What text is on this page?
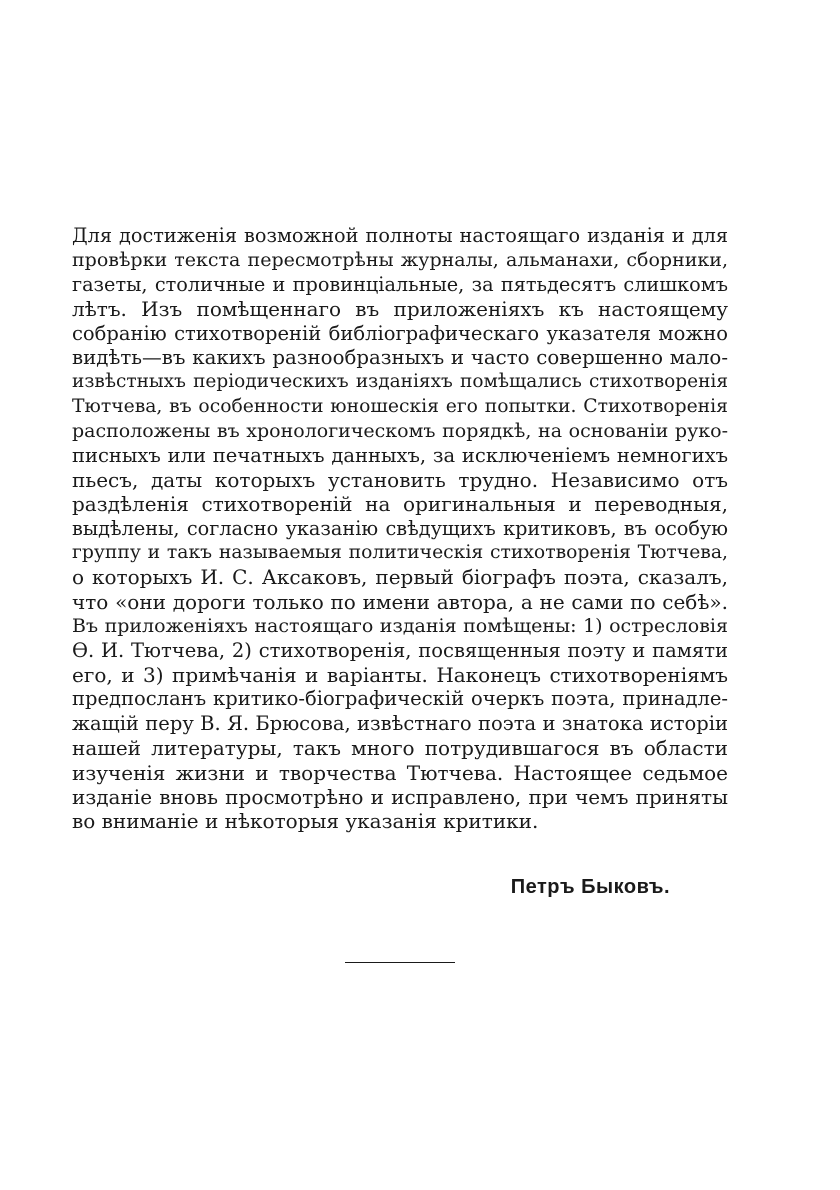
Для достиженія возможной полноты настоящаго изданія и для
провѣрки текста пересмотрѣны журналы, альманахи, сборники,
газеты, столичные и провинціальные, за пятьдесятъ слишкомъ
лѣтъ. Изъ помѣщеннаго въ приложеніяхъ къ настоящему
собранію стихотвореній библіографическаго указателя можно
видѣть—въ какихъ разнообразныхъ и часто совершенно мало-
извѣстныхъ періодическихъ изданіяхъ помѣщались стихотворенія
Тютчева, въ особенности юношескія его попытки. Стихотворенія
расположены въ хронологическомъ порядкѣ, на основаніи руко-
писныхъ или печатныхъ данныхъ, за исключеніемъ немногихъ
пьесъ, даты которыхъ установить трудно. Независимо отъ
раздѣленія стихотвореній на оригинальныя и переводныя,
выдѣлены, согласно указанію свѣдущихъ критиковъ, въ особую
группу и такъ называемыя политическія стихотворенія Тютчева,
о которыхъ И. С. Аксаковъ, первый біографъ поэта, сказалъ,
что «они дороги только по имени автора, а не сами по себѣ».
Въ приложеніяхъ настоящаго изданія помѣщены: 1) остресловія
Ѳ. И. Тютчева, 2) стихотворенія, посвященныя поэту и памяти
его, и 3) примѣчанія и варіанты. Наконецъ стихотвореніямъ
предпосланъ критико-біографическій очеркъ поэта, принадле-
жащій перу В. Я. Брюсова, извѣстнаго поэта и знатока исторіи
нашей литературы, такъ много потрудившагося въ области
изученія жизни и творчества Тютчева. Настоящее седьмое
изданіе вновь просмотрѣно и исправлено, при чемъ приняты
во вниманіе и нѣкоторыя указанія критики.
Петръ Быковъ.
